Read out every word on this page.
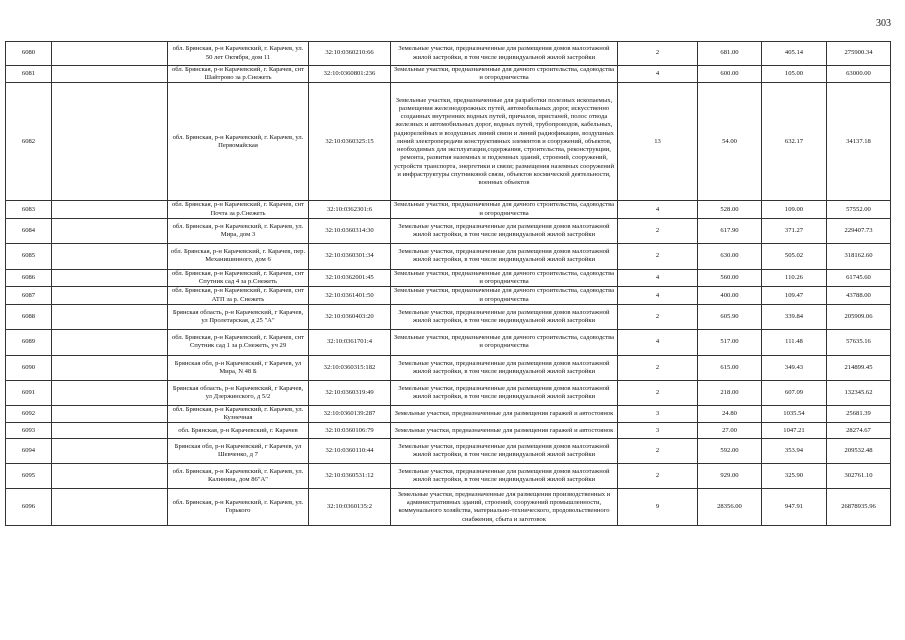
303
6080		обл. Брянская, р-н Карачевский, г. Карачев, ул. 50 лет Октября, дом 11	32:10:0360210:66	Земельные участки, предназначенные для размещения домов малоэтажной жилой застройки, в том числе индивидуальной жилой застройки	2	681.00	405.14	275900.34
6081		обл. Брянская, р-н Карачевский, г. Карачев, снт Шайтрово за р.Снежеть	32:10:0360801:236	Земельные участки, предназначенные для дачного строительства, садоводства и огородничества	4	600.00	105.00	63000.00
6082		обл. Брянская, р-н Карачевский, г. Карачев, ул. Первомайская	32:10:0360325:15	Земельные участки, предназначенные для разработки полезных ископаемых, размещения железнодорожных путей, автомобильных дорог, искусственно созданных внутренних водных путей, причалов, пристаней, полос отвода железных и автомобильных дорог, водных путей, трубопроводов, кабельных, радиорелейных и воздушных линий связи и линий радиофикации, воздушных линий электропередачи конструктивных элементов и сооружений, объектов, необходимых для эксплуатации,содержания, строительства, реконструкции, ремонта, развития наземных и подземных зданий, строений, сооружений, устройств транспорта, энергетики и связи; размещения наземных сооружений и инфраструктуры спутниковой связи, объектов космической деятельности, военных объектов	13	54.00	632.17	34137.18
6083		обл. Брянская, р-н Карачевский, г. Карачев, снт Почта за р.Снежеть	32:10:0362301:6	Земельные участки, предназначенные для дачного строительства, садоводства и огородничества	4	528.00	109.00	57552.00
6084		обл. Брянская, р-н Карачевский, г. Карачев, ул. Мира, дом 3	32:10:0360314:30	Земельные участки, предназначенные для размещения домов малоэтажной жилой застройки, в том числе индивидуальной жилой застройки	2	617.90	371.27	229407.73
6085		обл. Брянская, р-н Карачевский, г. Карачев, пер. Механишинного, дом 6	32:10:0360301:34	Земельные участки, предназначенные для размещения домов малоэтажной жилой застройки, в том числе индивидуальной жилой застройки	2	630.00	505.02	318162.60
6086		обл. Брянская, р-н Карачевский, г. Карачев, снт Спутник сад 4 за р.Снежеть	32:10:0362001:45	Земельные участки, предназначенные для дачного строительства, садоводства и огородничества	4	560.00	110.26	61745.60
6087		обл. Брянская, р-н Карачевский, г. Карачев, снт АТП за р. Снежеть	32:10:0361401:50	Земельные участки, предназначенные для дачного строительства, садоводства и огородничества	4	400.00	109.47	43788.00
6088		Брянская область, р-н Карачевский, г Карачев, ул Пролетарская, д 25 "А"	32:10:0360403:20	Земельные участки, предназначенные для размещения домов малоэтажной жилой застройки, в том числе индивидуальной жилой застройки	2	605.90	339.84	205909.06
6089		обл. Брянская, р-н Карачевский, г. Карачев, снт Спутник сад 1 за р.Снежеть, уч 29	32:10:0361701:4	Земельные участки, предназначенные для дачного строительства, садоводства и огородничества	4	517.00	111.48	57635.16
6090		Брянская обл, р-н Карачевский, г Карачев, ул Мира, N 48 Б	32:10:0360315:182	Земельные участки, предназначенные для размещения домов малоэтажной жилой застройки, в том числе индивидуальной жилой застройки	2	615.00	349.43	214899.45
6091		Брянская область, р-н Карачевский, г Карачев, ул Дзержинского, д 5/2	32:10:0360319:49	Земельные участки, предназначенные для размещения домов малоэтажной жилой застройки, в том числе индивидуальной жилой застройки	2	218.00	607.09	132345.62
6092		обл. Брянская, р-н Карачевский, г. Карачев, ул. Кузнечная	32:10:0360139:287	Земельные участки, предназначенные для размещения гаражей и автостоянок	3	24.80	1035.54	25681.39
6093		обл. Брянская, р-н Карачевский, г. Карачев	32:10:0360106:79	Земельные участки, предназначенные для размещения гаражей и автостоянок	3	27.00	1047.21	28274.67
6094		Брянская обл, р-н Карачевский, г Карачев, ул Шевченко, д 7	32:10:0360110:44	Земельные участки, предназначенные для размещения домов малоэтажной жилой застройки, в том числе индивидуальной жилой застройки	2	592.00	353.94	209532.48
6095		обл. Брянская, р-н Карачевский, г. Карачев, ул. Калинина, дом 86"А"	32:10:0360531:12	Земельные участки, предназначенные для размещения домов малоэтажной жилой застройки, в том числе индивидуальной жилой застройки	2	929.00	325.90	302761.10
6096		обл. Брянская, р-н Карачевский, г. Карачев, ул. Горького	32:10:0360135:2	Земельные участки, предназначенные для размещения производственных и административных зданий, строений, сооружений промышленности, коммунального хозяйства, материально-технического, продовольственного снабжения, сбыта и заготовок	9	28356.00	947.91	26878935.96
